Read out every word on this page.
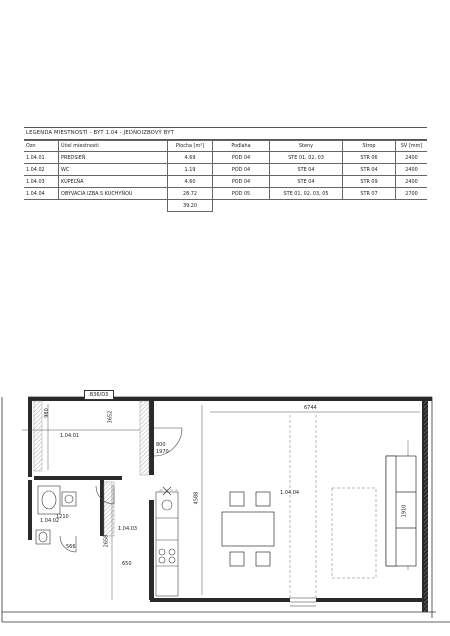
LEGENDA MIESTNOSTÍ - BYT 1.04 - JEDNOIZBOVÝ BYT
Ozn	Účel miestnosti	Plocha [m²]	Podlaha	Steny	Strop	SV [mm]
1.04.01	PREDSIEŇ	4.69	POD 04	STE 01, 02, 03	STR 06	2400
1.04.02	WC	1.19	POD 04	STE 04	STR 04	2400
1.04.03	KÚPEĽŇA	4.60	POD 04	STE 04	STR 09	2400
1.04.04	OBÝVACIA IZBA S KUCHYŇOU	28.72	POD 05	STE 01, 02, 03, 05	STR 07	2700
		39.20				
B36/D3
1.04.01
1.04.02
1.04.03
1.04.04
6744
980	3652
800
1970
2658
4588
1910
566
650
1210
